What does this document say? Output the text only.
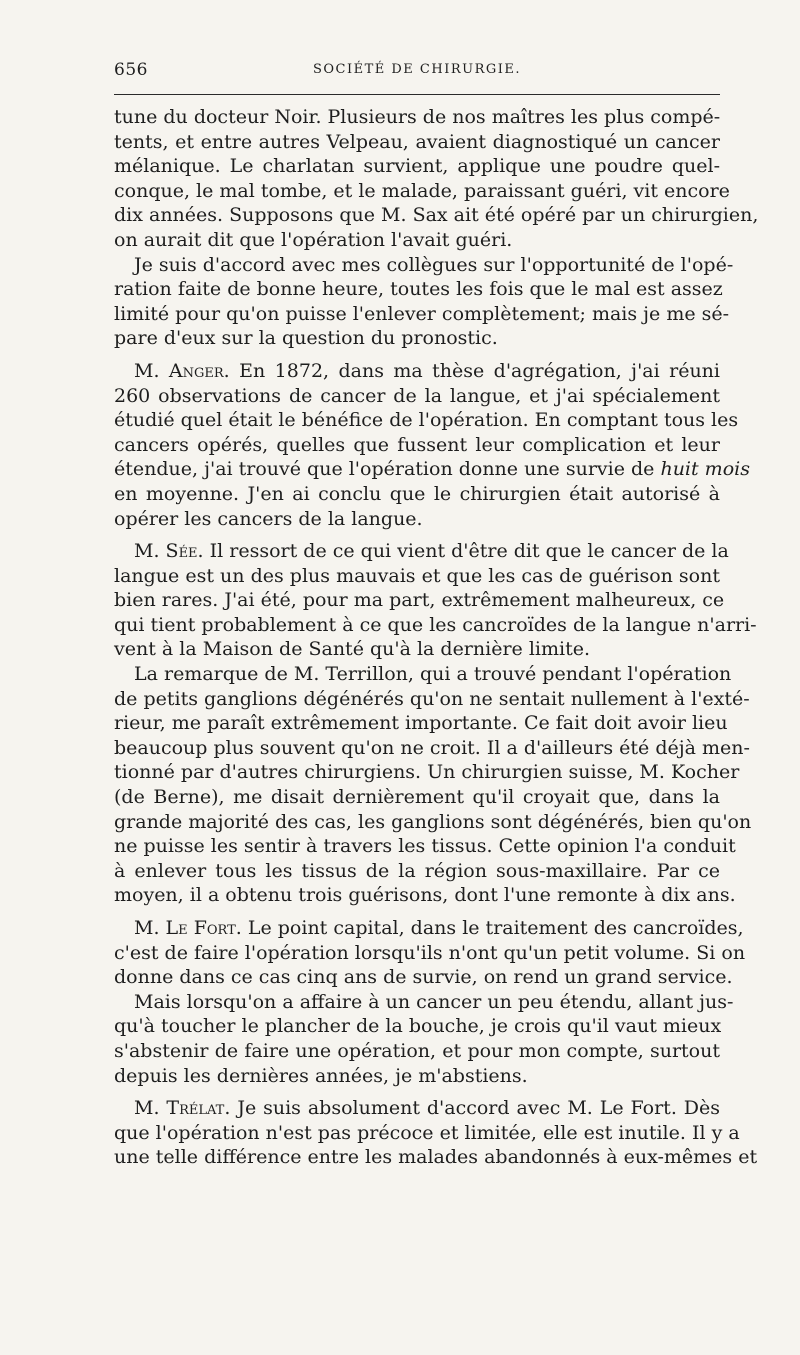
656	SOCIÉTÉ DE CHIRURGIE.

tune du docteur Noir. Plusieurs de nos maîtres les plus compé-
tents, et entre autres Velpeau, avaient diagnostiqué un cancer
mélanique. Le charlatan survient, applique une poudre quel-
conque, le mal tombe, et le malade, paraissant guéri, vit encore
dix années. Supposons que M. Sax ait été opéré par un chirurgien,
on aurait dit que l'opération l'avait guéri.

Je suis d'accord avec mes collègues sur l'opportunité de l'opé-
ration faite de bonne heure, toutes les fois que le mal est assez
limité pour qu'on puisse l'enlever complètement; mais je me sé-
pare d'eux sur la question du pronostic.

M. Anger. En 1872, dans ma thèse d'agrégation, j'ai réuni
260 observations de cancer de la langue, et j'ai spécialement
étudié quel était le bénéfice de l'opération. En comptant tous les
cancers opérés, quelles que fussent leur complication et leur
étendue, j'ai trouvé que l'opération donne une survie de huit mois
en moyenne. J'en ai conclu que le chirurgien était autorisé à
opérer les cancers de la langue.

M. Sée. Il ressort de ce qui vient d'être dit que le cancer de la
langue est un des plus mauvais et que les cas de guérison sont
bien rares. J'ai été, pour ma part, extrêmement malheureux, ce
qui tient probablement à ce que les cancroïdes de la langue n'arri-
vent à la Maison de Santé qu'à la dernière limite.

La remarque de M. Terrillon, qui a trouvé pendant l'opération
de petits ganglions dégénérés qu'on ne sentait nullement à l'exté-
rieur, me paraît extrêmement importante. Ce fait doit avoir lieu
beaucoup plus souvent qu'on ne croit. Il a d'ailleurs été déjà men-
tionné par d'autres chirurgiens. Un chirurgien suisse, M. Kocher
(de Berne), me disait dernièrement qu'il croyait que, dans la
grande majorité des cas, les ganglions sont dégénérés, bien qu'on
ne puisse les sentir à travers les tissus. Cette opinion l'a conduit
à enlever tous les tissus de la région sous-maxillaire. Par ce
moyen, il a obtenu trois guérisons, dont l'une remonte à dix ans.

M. Le Fort. Le point capital, dans le traitement des cancroïdes,
c'est de faire l'opération lorsqu'ils n'ont qu'un petit volume. Si on
donne dans ce cas cinq ans de survie, on rend un grand service.

Mais lorsqu'on a affaire à un cancer un peu étendu, allant jus-
qu'à toucher le plancher de la bouche, je crois qu'il vaut mieux
s'abstenir de faire une opération, et pour mon compte, surtout
depuis les dernières années, je m'abstiens.

M. Trélat. Je suis absolument d'accord avec M. Le Fort. Dès
que l'opération n'est pas précoce et limitée, elle est inutile. Il y a
une telle différence entre les malades abandonnés à eux-mêmes et
